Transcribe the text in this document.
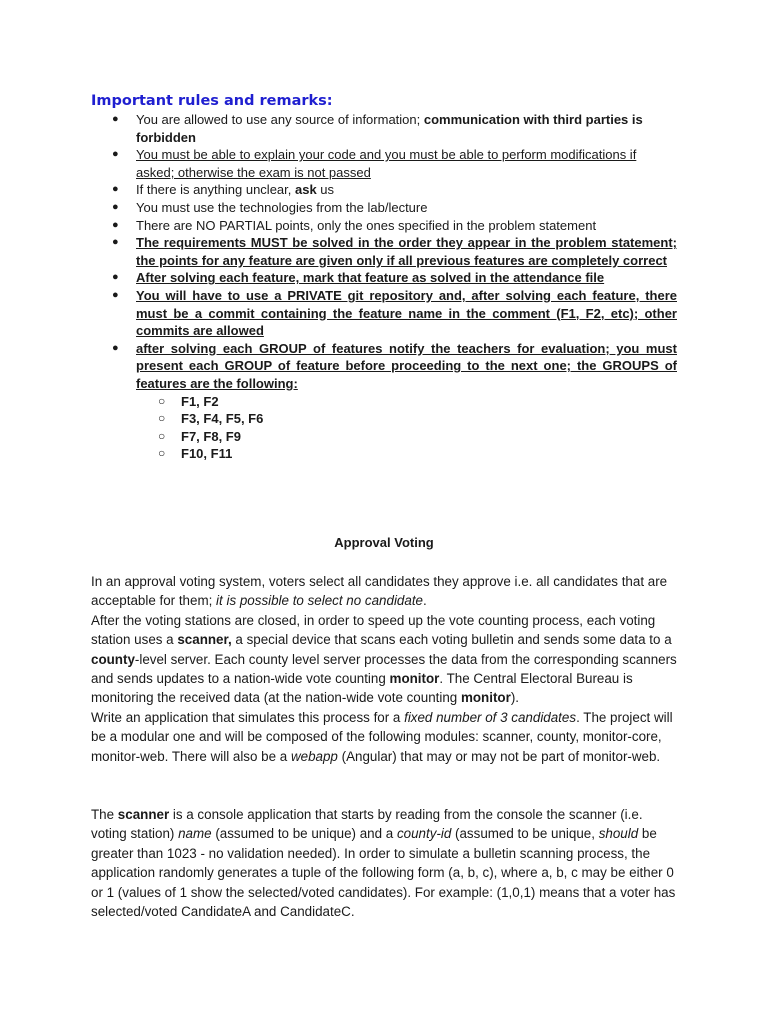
Important rules and remarks:
● You are allowed to use any source of information; communication with third parties is forbidden
● You must be able to explain your code and you must be able to perform modifications if asked; otherwise the exam is not passed
● If there is anything unclear, ask us
● You must use the technologies from the lab/lecture
● There are NO PARTIAL points, only the ones specified in the problem statement
● The requirements MUST be solved in the order they appear in the problem statement; the points for any feature are given only if all previous features are completely correct
● After solving each feature, mark that feature as solved in the attendance file
● You will have to use a PRIVATE git repository and, after solving each feature, there must be a commit containing the feature name in the comment (F1, F2, etc); other commits are allowed
● after solving each GROUP of features notify the teachers for evaluation; you must present each GROUP of feature before proceeding to the next one; the GROUPS of features are the following:
○ F1, F2
○ F3, F4, F5, F6
○ F7, F8, F9
○ F10, F11
Approval Voting

In an approval voting system, voters select all candidates they approve i.e. all candidates that are acceptable for them; it is possible to select no candidate.
After the voting stations are closed, in order to speed up the vote counting process, each voting station uses a scanner, a special device that scans each voting bulletin and sends some data to a county-level server. Each county level server processes the data from the corresponding scanners and sends updates to a nation-wide vote counting monitor. The Central Electoral Bureau is monitoring the received data (at the nation-wide vote counting monitor).
Write an application that simulates this process for a fixed number of 3 candidates. The project will be a modular one and will be composed of the following modules: scanner, county, monitor-core, monitor-web. There will also be a webapp (Angular) that may or may not be part of monitor-web.

The scanner is a console application that starts by reading from the console the scanner (i.e. voting station) name (assumed to be unique) and a county-id (assumed to be unique, should be greater than 1023 - no validation needed). In order to simulate a bulletin scanning process, the application randomly generates a tuple of the following form (a, b, c), where a, b, c may be either 0 or 1 (values of 1 show the selected/voted candidates). For example: (1,0,1) means that a voter has selected/voted CandidateA and CandidateC.
